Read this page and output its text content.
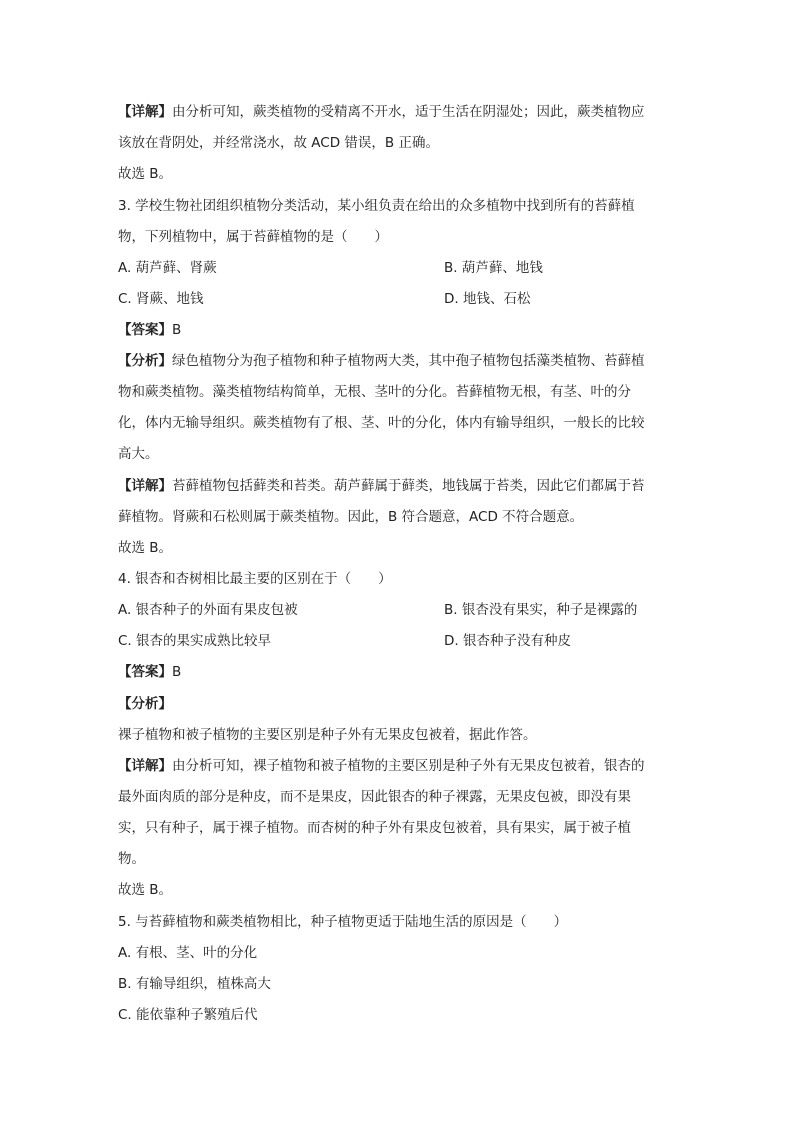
【详解】由分析可知，蕨类植物的受精离不开水，适于生活在阴湿处；因此，蕨类植物应
该放在背阴处，并经常浇水，故 ACD 错误，B 正确。
故选 B。
3. 学校生物社团组织植物分类活动，某小组负责在给出的众多植物中找到所有的苔藓植
物，下列植物中，属于苔藓植物的是（　　）
A. 葫芦藓、肾蕨	B. 葫芦藓、地钱
C. 肾蕨、地钱	D. 地钱、石松
【答案】B
【分析】绿色植物分为孢子植物和种子植物两大类，其中孢子植物包括藻类植物、苔藓植
物和蕨类植物。藻类植物结构简单，无根、茎叶的分化。苔藓植物无根，有茎、叶的分
化，体内无输导组织。蕨类植物有了根、茎、叶的分化，体内有输导组织，一般长的比较
高大。
【详解】苔藓植物包括藓类和苔类。葫芦藓属于藓类，地钱属于苔类，因此它们都属于苔
藓植物。肾蕨和石松则属于蕨类植物。因此，B 符合题意，ACD 不符合题意。
故选 B。
4. 银杏和杏树相比最主要的区别在于（　　）
A. 银杏种子的外面有果皮包被	B. 银杏没有果实，种子是裸露的
C. 银杏的果实成熟比较早	D. 银杏种子没有种皮
【答案】B
【分析】
裸子植物和被子植物的主要区别是种子外有无果皮包被着，据此作答。
【详解】由分析可知，裸子植物和被子植物的主要区别是种子外有无果皮包被着，银杏的
最外面肉质的部分是种皮，而不是果皮，因此银杏的种子裸露，无果皮包被，即没有果
实，只有种子，属于裸子植物。而杏树的种子外有果皮包被着，具有果实，属于被子植
物。
故选 B。
5. 与苔藓植物和蕨类植物相比，种子植物更适于陆地生活的原因是（　　）
A. 有根、茎、叶的分化
B. 有输导组织，植株高大
C. 能依靠种子繁殖后代
